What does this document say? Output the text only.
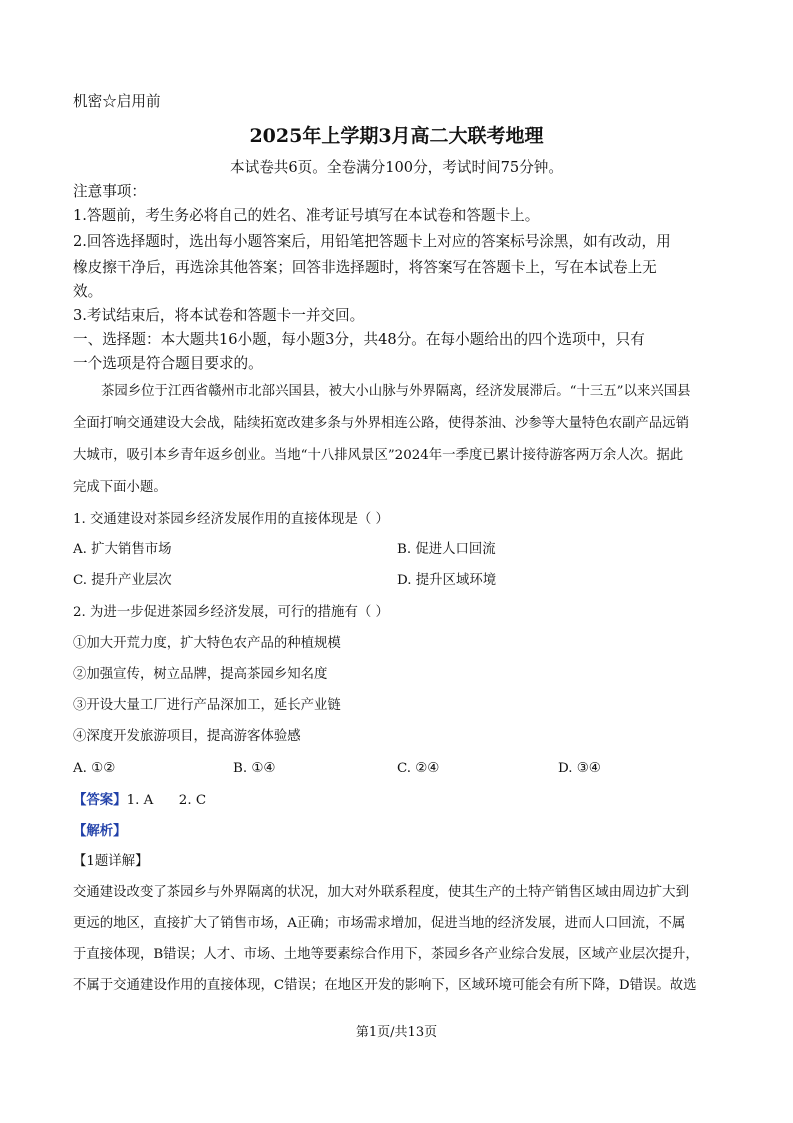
机密☆启用前
2025年上学期3月高二大联考地理
本试卷共6页。全卷满分100分，考试时间75分钟。
注意事项：
1.答题前，考生务必将自己的姓名、准考证号填写在本试卷和答题卡上。
2.回答选择题时，选出每小题答案后，用铅笔把答题卡上对应的答案标号涂黑，如有改动，用
橡皮擦干净后，再选涂其他答案；回答非选择题时，将答案写在答题卡上，写在本试卷上无
效。
3.考试结束后，将本试卷和答题卡一并交回。
一、选择题：本大题共16小题，每小题3分，共48分。在每小题给出的四个选项中，只有
一个选项是符合题目要求的。
茶园乡位于江西省赣州市北部兴国县，被大小山脉与外界隔离，经济发展滞后。“十三五”以来兴国县
全面打响交通建设大会战，陆续拓宽改建多条与外界相连公路，使得茶油、沙参等大量特色农副产品远销
大城市，吸引本乡青年返乡创业。当地“十八排风景区”2024年一季度已累计接待游客两万余人次。据此
完成下面小题。
1. 交通建设对茶园乡经济发展作用的直接体现是（ ）
A. 扩大销售市场	B. 促进人口回流
C. 提升产业层次	D. 提升区域环境
2. 为进一步促进茶园乡经济发展，可行的措施有（ ）
①加大开荒力度，扩大特色农产品的种植规模
②加强宣传，树立品牌，提高茶园乡知名度
③开设大量工厂进行产品深加工，延长产业链
④深度开发旅游项目，提高游客体验感
A. ①②	B. ①④	C. ②④	D. ③④
【答案】1. A      2. C
【解析】
【1题详解】
交通建设改变了茶园乡与外界隔离的状况，加大对外联系程度，使其生产的土特产销售区域由周边扩大到
更远的地区，直接扩大了销售市场，A正确；市场需求增加，促进当地的经济发展，进而人口回流，不属
于直接体现，B错误；人才、市场、土地等要素综合作用下，茶园乡各产业综合发展，区域产业层次提升，
不属于交通建设作用的直接体现，C错误；在地区开发的影响下，区域环境可能会有所下降，D错误。故选
第1页/共13页
